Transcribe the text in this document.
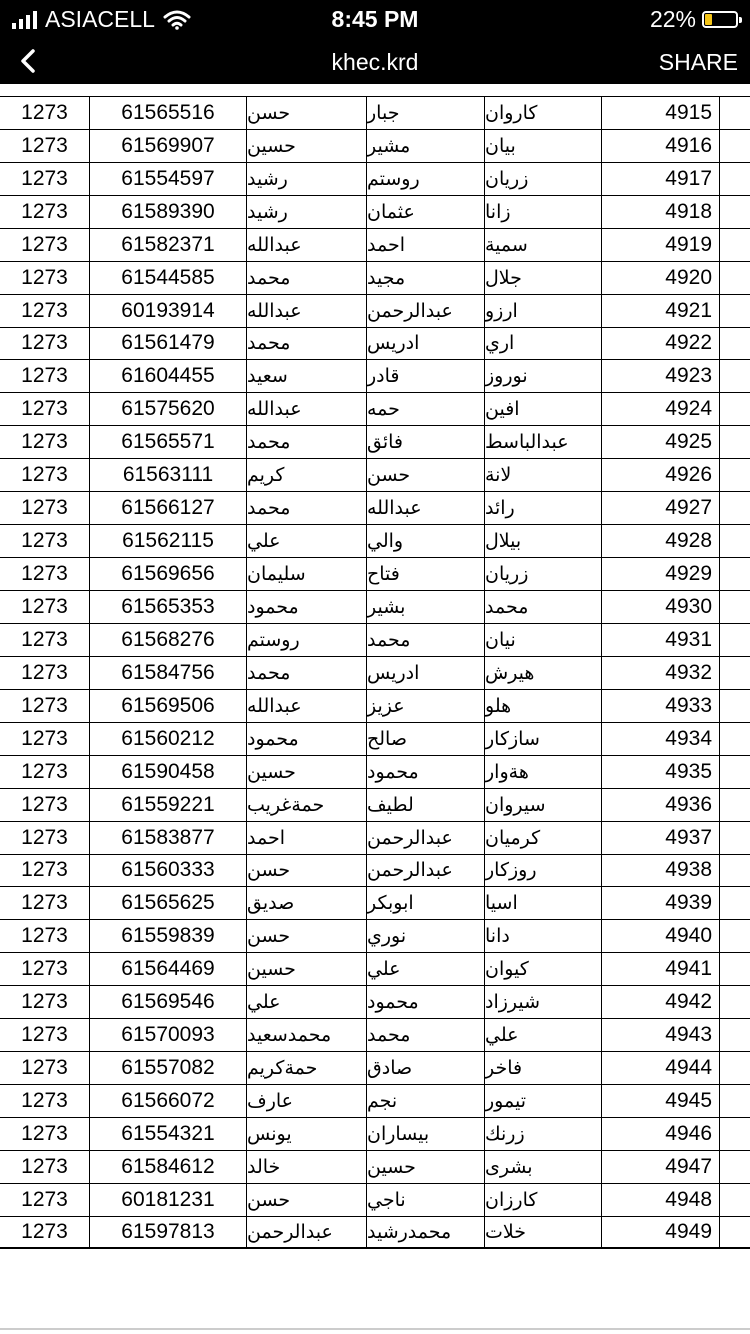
ASIACELL	8:45 PM	22%
khec.krd	SHARE
1273	61565516	حسن	جبار	كاروان	4915
1273	61569907	حسين	مشير	بيان	4916
1273	61554597	رشيد	روستم	زريان	4917
1273	61589390	رشيد	عثمان	زانا	4918
1273	61582371	عبدالله	احمد	سمية	4919
1273	61544585	محمد	مجيد	جلال	4920
1273	60193914	عبدالله	عبدالرحمن	ارزو	4921
1273	61561479	محمد	ادريس	اري	4922
1273	61604455	سعيد	قادر	نوروز	4923
1273	61575620	عبدالله	حمه	افين	4924
1273	61565571	محمد	فائق	عبدالباسط	4925
1273	61563111	كريم	حسن	لانة	4926
1273	61566127	محمد	عبدالله	رائد	4927
1273	61562115	علي	والي	بيلال	4928
1273	61569656	سليمان	فتاح	زريان	4929
1273	61565353	محمود	بشير	محمد	4930
1273	61568276	روستم	محمد	نيان	4931
1273	61584756	محمد	ادريس	هيرش	4932
1273	61569506	عبدالله	عزيز	هلو	4933
1273	61560212	محمود	صالح	سازكار	4934
1273	61590458	حسين	محمود	هةوار	4935
1273	61559221	حمةغريب	لطيف	سيروان	4936
1273	61583877	احمد	عبدالرحمن	كرميان	4937
1273	61560333	حسن	عبدالرحمن	روزكار	4938
1273	61565625	صديق	ابوبكر	اسيا	4939
1273	61559839	حسن	نوري	دانا	4940
1273	61564469	حسين	علي	كيوان	4941
1273	61569546	علي	محمود	شيرزاد	4942
1273	61570093	محمدسعيد	محمد	علي	4943
1273	61557082	حمةكريم	صادق	فاخر	4944
1273	61566072	عارف	نجم	تيمور	4945
1273	61554321	يونس	بيساران	زرنك	4946
1273	61584612	خالد	حسين	بشرى	4947
1273	60181231	حسن	ناجي	كارزان	4948
1273	61597813	عبدالرحمن	محمدرشيد	خلات	4949
